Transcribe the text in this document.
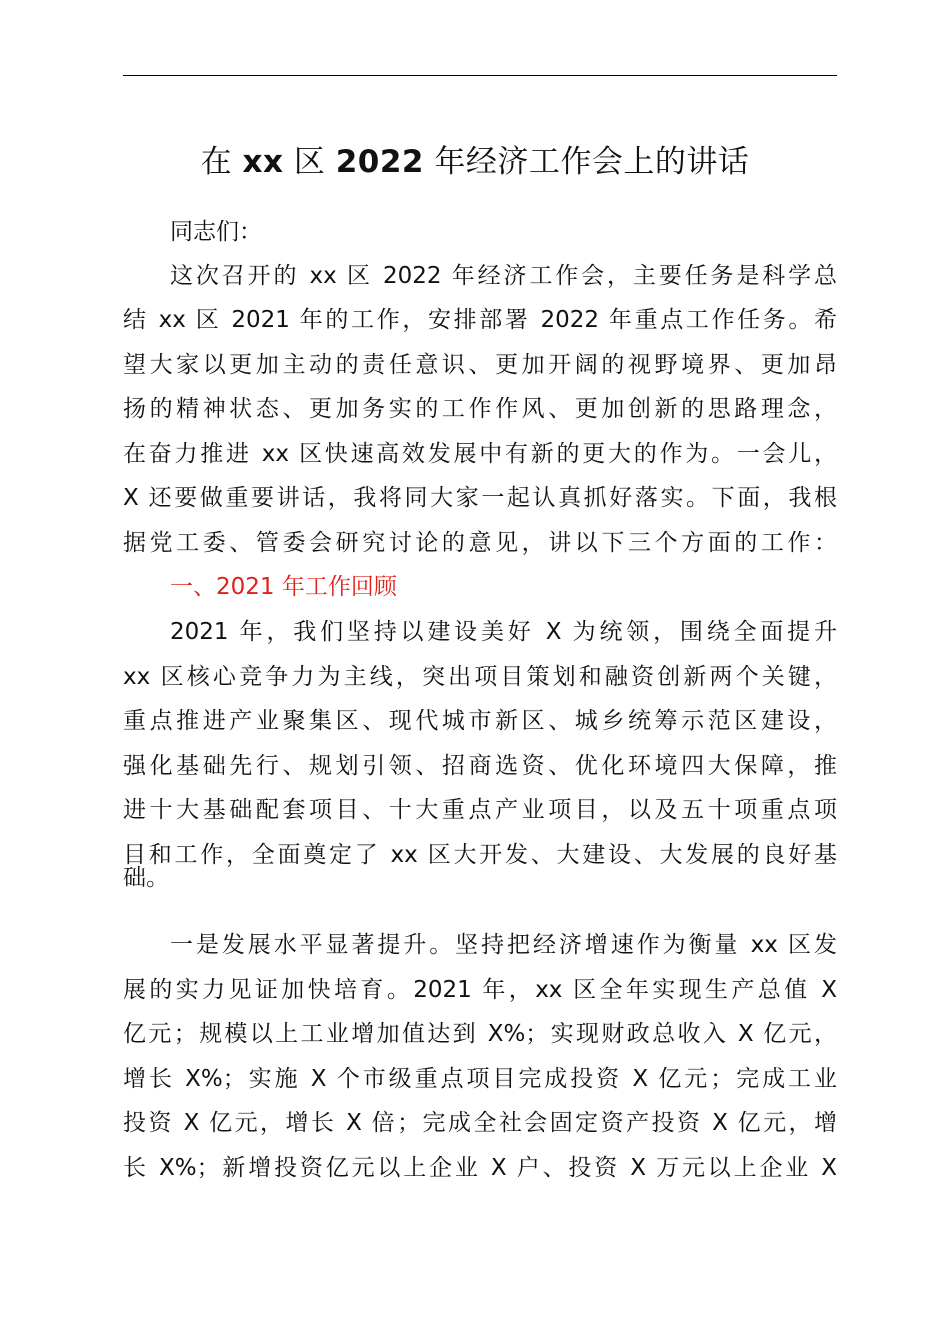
在 xx 区 2022 年经济工作会上的讲话

同志们：

这次召开的 xx 区 2022 年经济工作会，主要任务是科学总

结 xx 区 2021 年的工作，安排部署 2022 年重点工作任务。希

望大家以更加主动的责任意识、更加开阔的视野境界、更加昂

扬的精神状态、更加务实的工作作风、更加创新的思路理念，

在奋力推进 xx 区快速高效发展中有新的更大的作为。一会儿，

X 还要做重要讲话，我将同大家一起认真抓好落实。下面，我根

据党工委、管委会研究讨论的意见，讲以下三个方面的工作：

一、2021 年工作回顾

2021 年，我们坚持以建设美好 X 为统领，围绕全面提升

xx 区核心竞争力为主线，突出项目策划和融资创新两个关键，

重点推进产业聚集区、现代城市新区、城乡统筹示范区建设，

强化基础先行、规划引领、招商选资、优化环境四大保障，推

进十大基础配套项目、十大重点产业项目，以及五十项重点项

目和工作，全面奠定了 xx 区大开发、大建设、大发展的良好基

础。

一是发展水平显著提升。坚持把经济增速作为衡量 xx 区发

展的实力见证加快培育。2021 年，xx 区全年实现生产总值 X

亿元；规模以上工业增加值达到 X%；实现财政总收入 X 亿元，

增长 X%；实施 X 个市级重点项目完成投资 X 亿元；完成工业

投资 X 亿元，增长 X 倍；完成全社会固定资产投资 X 亿元，增

长 X%；新增投资亿元以上企业 X 户、投资 X 万元以上企业 X
